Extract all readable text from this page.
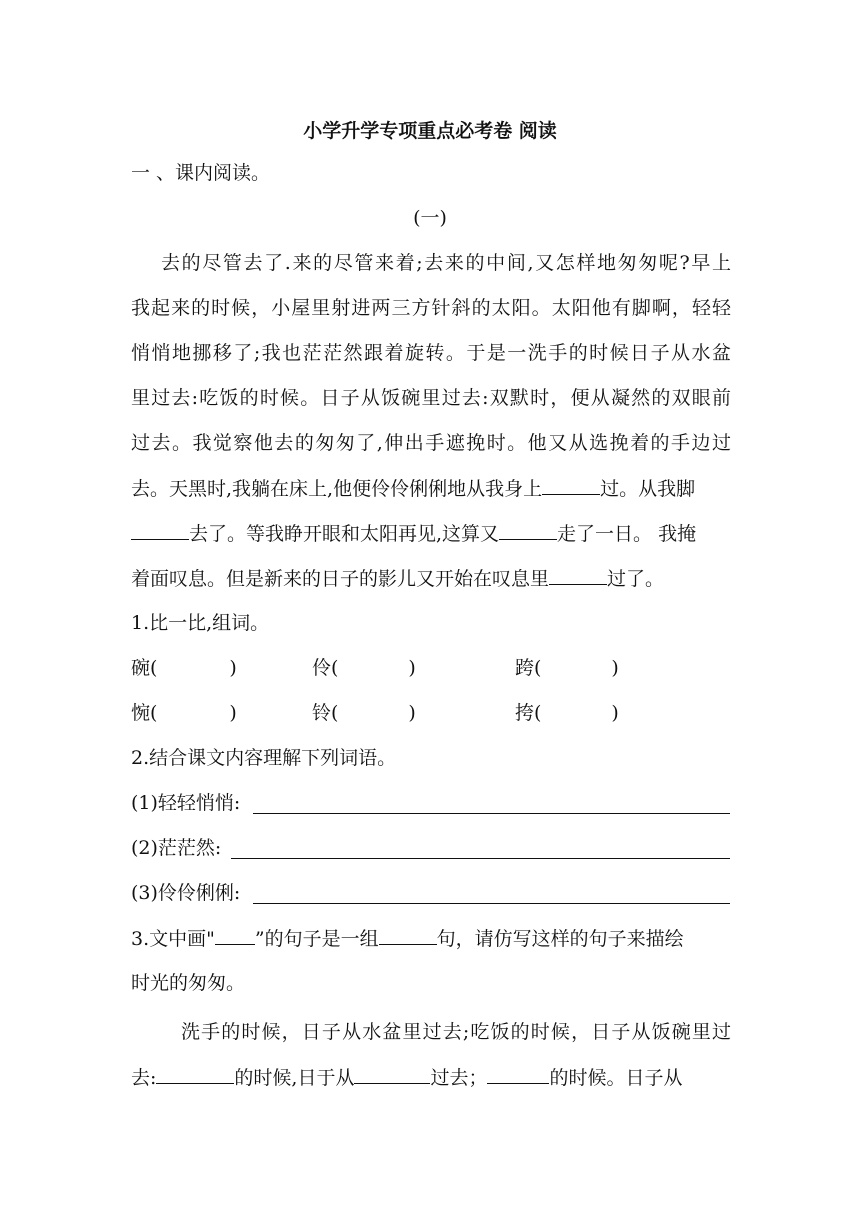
小学升学专项重点必考卷 阅读
一 、课内阅读。
(一)
去的尽管去了.来的尽管来着;去来的中间,又怎样地匆匆呢?早上
我起来的时候，小屋里射进两三方针斜的太阳。太阳他有脚啊，轻轻
悄悄地挪移了;我也茫茫然跟着旋转。于是一洗手的时候日子从水盆
里过去:吃饭的时候。日子从饭碗里过去:双默时，便从凝然的双眼前
过去。我觉察他去的匆匆了,伸出手遮挽时。他又从选挽着的手边过
去。天黑时,我躺在床上,他便伶伶俐俐地从我身上	过。从我脚
去了。等我睁开眼和太阳再见,这算又	走了一日。 我掩
着面叹息。但是新来的日子的影儿又开始在叹息里	过了。
1.比一比,组词。
碗(	)	伶(	)	跨(	)
惋(	)	铃(	)	挎(	)
2.结合课文内容理解下列词语。
(1)轻轻悄悄:
(2)茫茫然:
(3)伶伶俐俐:
3.文中画" ”的句子是一组	句，请仿写这样的句子来描绘
时光的匆匆。
洗手的时候，日子从水盆里过去;吃饭的时候，日子从饭碗里过
去:	的时候,日于从	过去；	的时候。日子从
